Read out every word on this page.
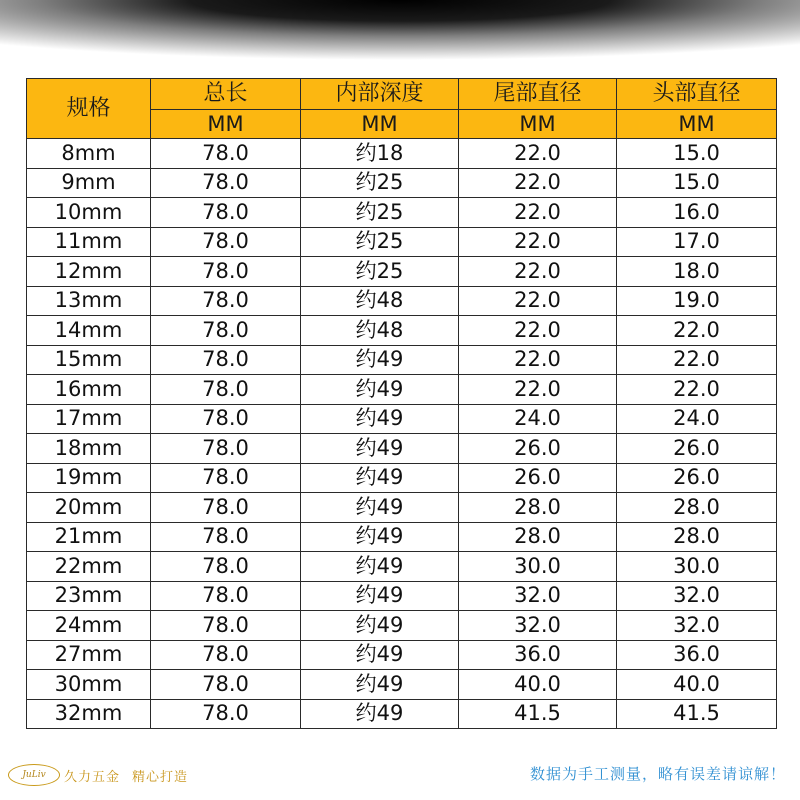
规格	总长	内部深度	尾部直径	头部直径
	MM	MM	MM	MM
8mm	78.0	约18	22.0	15.0
9mm	78.0	约25	22.0	15.0
10mm	78.0	约25	22.0	16.0
11mm	78.0	约25	22.0	17.0
12mm	78.0	约25	22.0	18.0
13mm	78.0	约48	22.0	19.0
14mm	78.0	约48	22.0	22.0
15mm	78.0	约49	22.0	22.0
16mm	78.0	约49	22.0	22.0
17mm	78.0	约49	24.0	24.0
18mm	78.0	约49	26.0	26.0
19mm	78.0	约49	26.0	26.0
20mm	78.0	约49	28.0	28.0
21mm	78.0	约49	28.0	28.0
22mm	78.0	约49	30.0	30.0
23mm	78.0	约49	32.0	32.0
24mm	78.0	约49	32.0	32.0
27mm	78.0	约49	36.0	36.0
30mm	78.0	约49	40.0	40.0
32mm	78.0	约49	41.5	41.5
JuLiv	久力五金 精心打造	数据为手工测量，略有误差请谅解！
